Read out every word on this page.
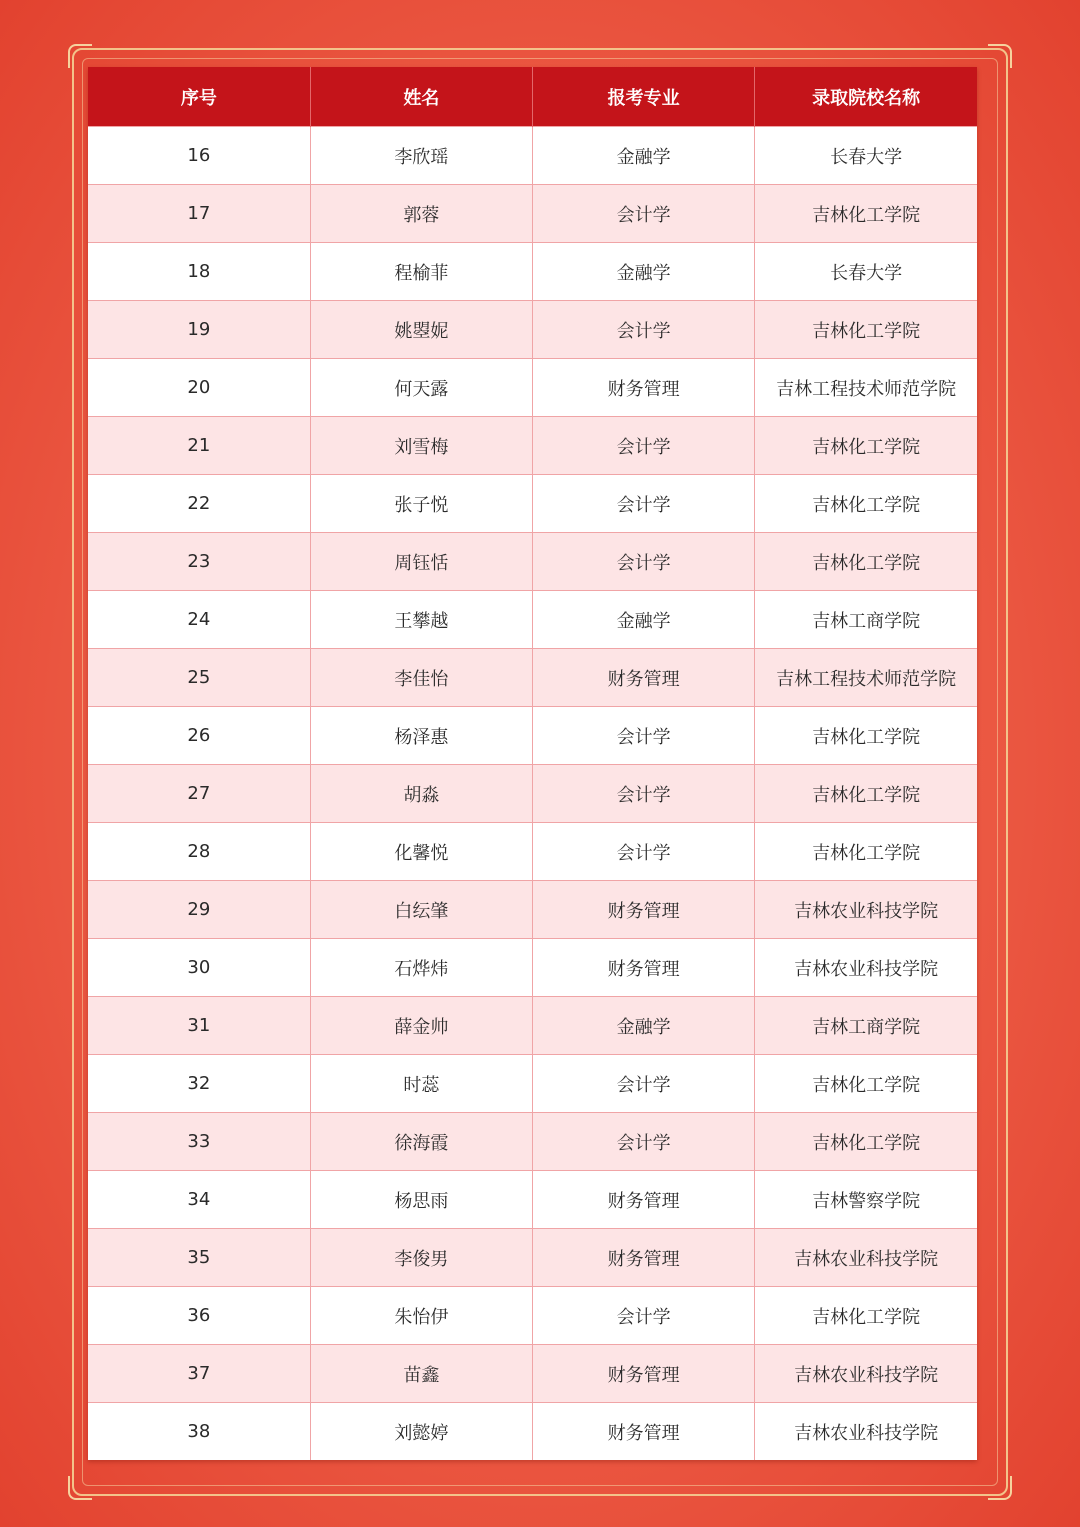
序号	姓名	报考专业	录取院校名称
16	李欣瑶	金融学	长春大学
17	郭蓉	会计学	吉林化工学院
18	程榆菲	金融学	长春大学
19	姚曌妮	会计学	吉林化工学院
20	何天露	财务管理	吉林工程技术师范学院
21	刘雪梅	会计学	吉林化工学院
22	张子悦	会计学	吉林化工学院
23	周钰恬	会计学	吉林化工学院
24	王攀越	金融学	吉林工商学院
25	李佳怡	财务管理	吉林工程技术师范学院
26	杨泽惠	会计学	吉林化工学院
27	胡淼	会计学	吉林化工学院
28	化馨悦	会计学	吉林化工学院
29	白纭肇	财务管理	吉林农业科技学院
30	石烨炜	财务管理	吉林农业科技学院
31	薛金帅	金融学	吉林工商学院
32	时蕊	会计学	吉林化工学院
33	徐海霞	会计学	吉林化工学院
34	杨思雨	财务管理	吉林警察学院
35	李俊男	财务管理	吉林农业科技学院
36	朱怡伊	会计学	吉林化工学院
37	苗鑫	财务管理	吉林农业科技学院
38	刘懿婷	财务管理	吉林农业科技学院
